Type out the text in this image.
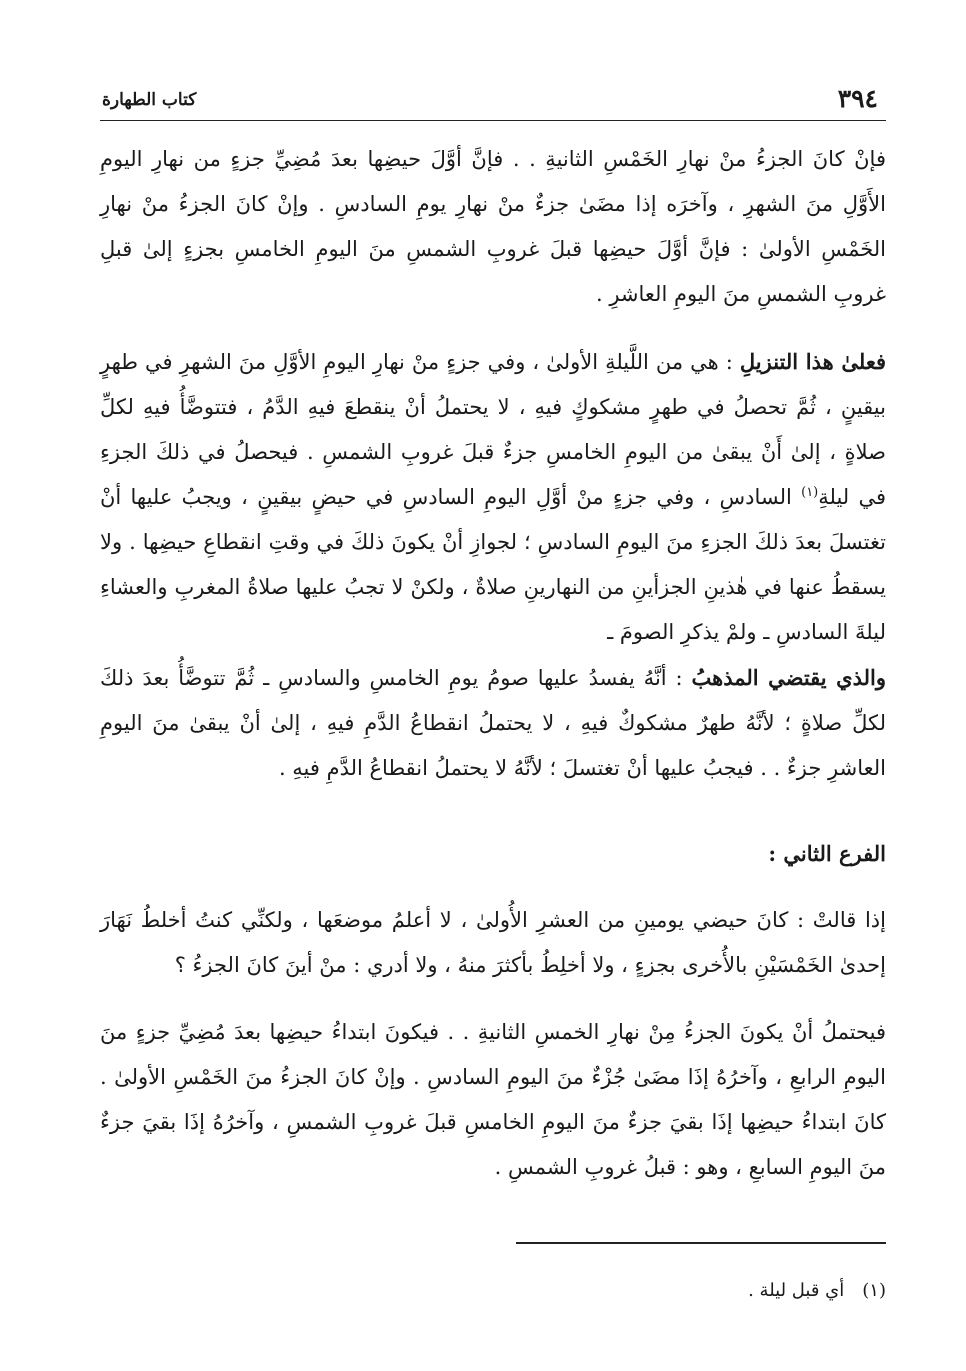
٣٩٤
كتاب الطهارة

فإنْ كانَ الجزءُ منْ نهارِ الخَمْسِ الثانيةِ . . فإنَّ أوَّلَ حيضِها بعدَ مُضِيِّ جزءٍ من نهارِ اليومِ الأَوَّلِ منَ الشهرِ ، وآخرَه إذا مضَىٰ جزءٌ منْ نهارِ يومِ السادسِ . وإنْ كانَ الجزءُ منْ نهارِ الخَمْسِ الأولىٰ : فإنَّ أوَّلَ حيضِها قبلَ غروبِ الشمسِ منَ اليومِ الخامسِ بجزءٍ إلىٰ قبلِ غروبِ الشمسِ منَ اليومِ العاشرِ .

فعلىٰ هذا التنزيلِ : هي من اللَّيلةِ الأولىٰ ، وفي جزءٍ منْ نهارِ اليومِ الأوَّلِ منَ الشهرِ في طهرٍ بيقينٍ ، ثُمَّ تحصلُ في طهرٍ مشكوكٍ فيهِ ، لا يحتملُ أنْ ينقطعَ فيهِ الدَّمُ ، فتتوضَّأُ فيهِ لكلِّ صلاةٍ ، إلىٰ أَنْ يبقىٰ من اليومِ الخامسِ جزءٌ قبلَ غروبِ الشمسِ . فيحصلُ في ذلكَ الجزءِ في ليلةِ$^{(١)}$ السادسِ ، وفي جزءٍ منْ أوَّلِ اليومِ السادسِ في حيضٍ بيقينٍ ، ويجبُ عليها أنْ تغتسلَ بعدَ ذلكَ الجزءِ منَ اليومِ السادسِ ؛ لجوازِ أنْ يكونَ ذلكَ في وقتِ انقطاعِ حيضِها . ولا يسقطُ عنها في هٰذينِ الجزأينِ من النهارينِ صلاةٌ ، ولكنْ لا تجبُ عليها صلاةُ المغربِ والعشاءِ ليلةَ السادسِ ـ ولمْ يذكرِ الصومَ ـ

والذي يقتضي المذهبُ : أنَّهُ يفسدُ عليها صومُ يومِ الخامسِ والسادسِ ـ ثُمَّ تتوضَّأُ بعدَ ذلكَ لكلِّ صلاةٍ ؛ لأنَّهُ طهرٌ مشكوكٌ فيهِ ، لا يحتملُ انقطاعُ الدَّمِ فيهِ ، إلىٰ أنْ يبقىٰ منَ اليومِ العاشرِ جزءٌ . . فيجبُ عليها أنْ تغتسلَ ؛ لأنَّهُ لا يحتملُ انقطاعُ الدَّمِ فيهِ .

الفرع الثاني :

إذا قالتْ : كانَ حيضي يومينِ من العشرِ الأُولىٰ ، لا أعلمُ موضعَها ، ولكنِّي كنتُ أخلطُ نَهَارَ إحدىٰ الخَمْسَيْنِ بالأُخرى بجزءٍ ، ولا أخلِطُ بأكثرَ منهُ ، ولا أدري : منْ أينَ كانَ الجزءُ ؟

فيحتملُ أنْ يكونَ الجزءُ مِنْ نهارِ الخمسِ الثانيةِ . . فيكونَ ابتداءُ حيضِها بعدَ مُضِيِّ جزءٍ منَ اليومِ الرابعِ ، وآخرُهُ إذَا مضَىٰ جُزْءٌ منَ اليومِ السادسِ . وإنْ كانَ الجزءُ منَ الخَمْسِ الأولىٰ . كانَ ابتداءُ حيضِها إذَا بقيَ جزءٌ منَ اليومِ الخامسِ قبلَ غروبِ الشمسِ ، وآخرُهُ إذَا بقيَ جزءٌ منَ اليومِ السابعِ ، وهو : قبلُ غروبِ الشمسِ .

(١)أي قبل ليلة .
